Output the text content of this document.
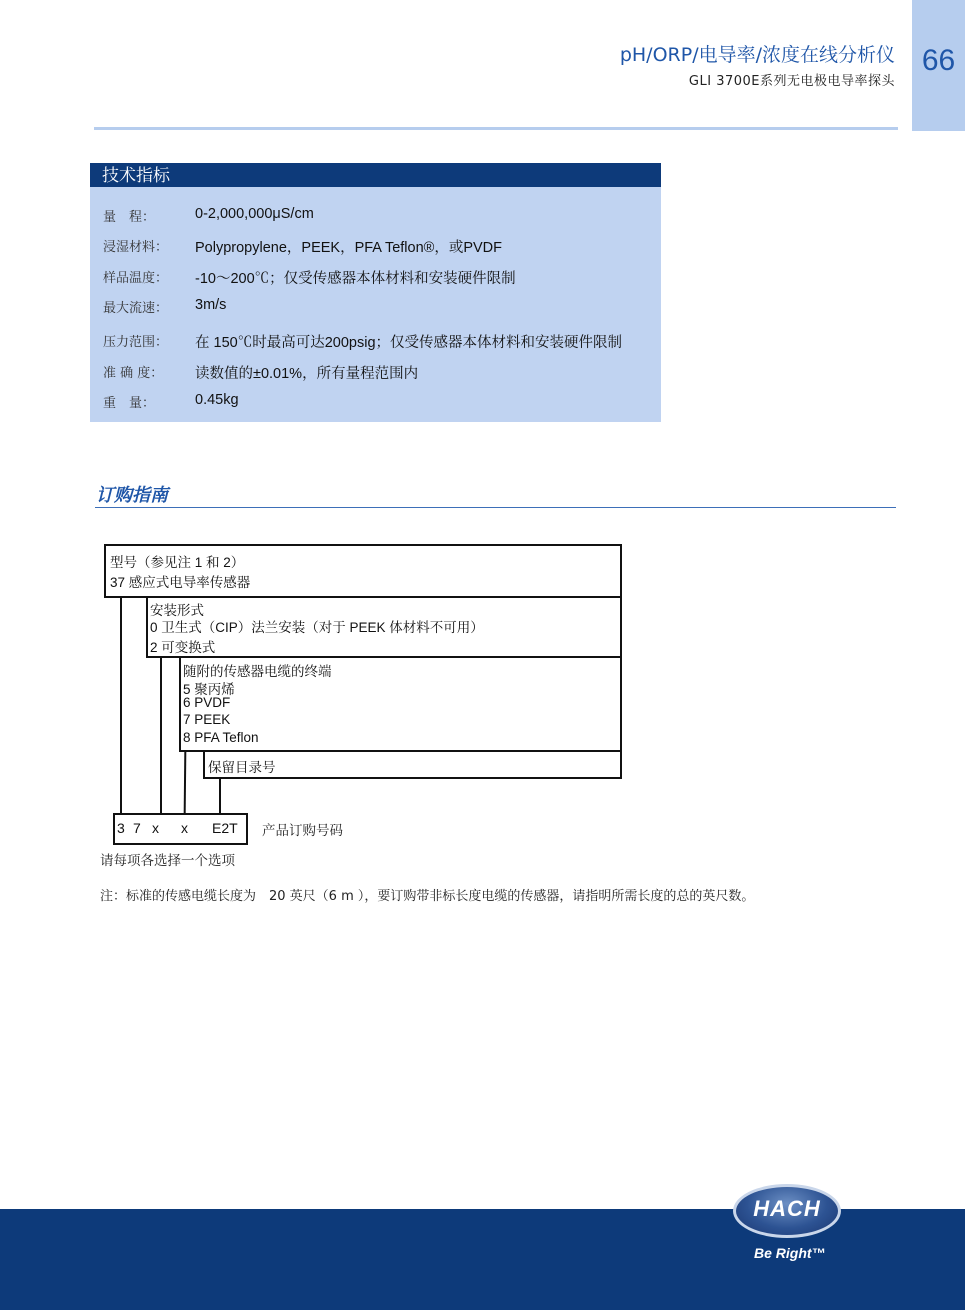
66
pH/ORP/电导率/浓度在线分析仪
GLI 3700E系列无电极电导率探头
技术指标
量　程：	0-2,000,000μS/cm
浸湿材料： Polypropylene，PEEK，PFA Teflon®，或PVDF
样品温度： -10～200℃；仅受传感器本体材料和安装硬件限制
最大流速： 3m/s
压力范围： 在 150℃时最高可达200psig；仅受传感器本体材料和安装硬件限制
准 确 度： 读数值的±0.01%，所有量程范围内
重　量：	0.45kg
订购指南
型号（参见注 1 和 2）
37 感应式电导率传感器
安装形式
0 卫生式（CIP）法兰安装（对于 PEEK 体材料不可用）
2 可变换式
随附的传感器电缆的终端
5 聚丙烯
6 PVDF
7 PEEK
8 PFA Teflon
保留目录号
3 7 x x E2T 产品订购号码
请每项各选择一个选项
注：标准的传感电缆长度为　20 英尺（6 m ），要订购带非标长度电缆的传感器，请指明所需长度的总的英尺数。
HACH	®
Be Right™
